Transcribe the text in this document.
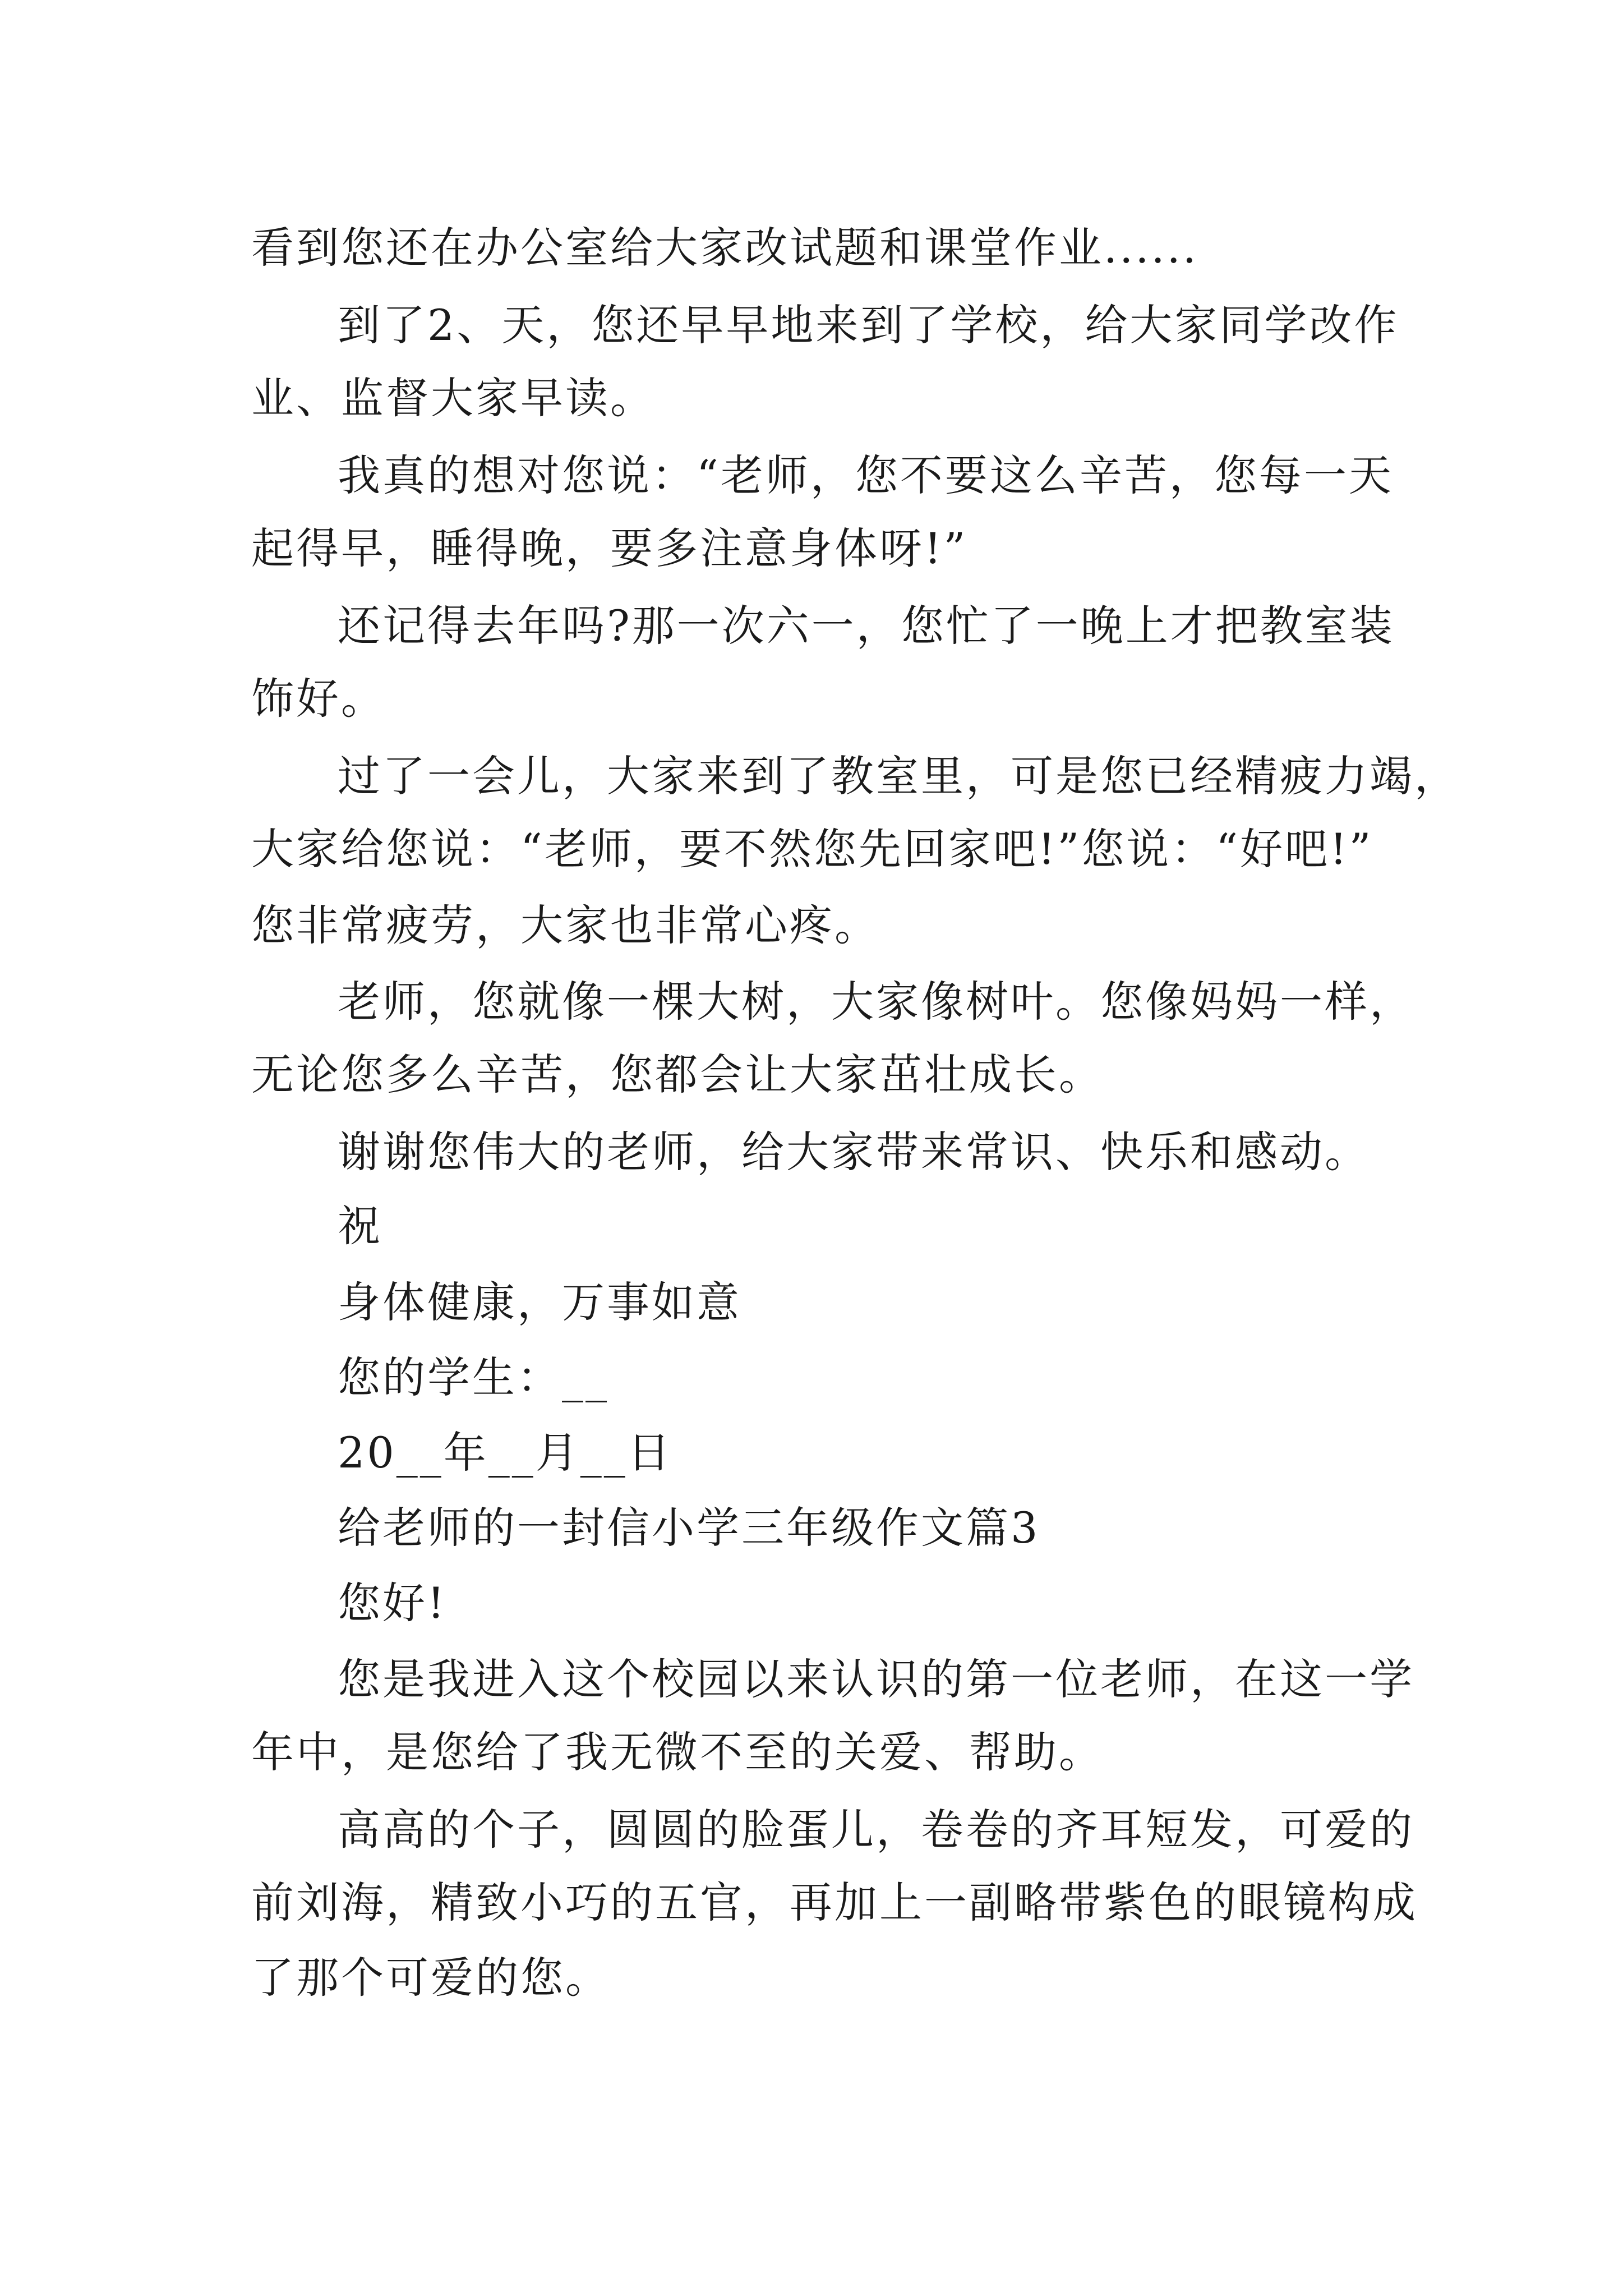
看到您还在办公室给大家改试题和课堂作业......

到了2、天，您还早早地来到了学校，给大家同学改作

业、监督大家早读。

我真的想对您说：“老师，您不要这么辛苦，您每一天

起得早，睡得晚，要多注意身体呀!”

还记得去年吗?那一次六一，您忙了一晚上才把教室装

饰好。

过了一会儿，大家来到了教室里，可是您已经精疲力竭，

大家给您说：“老师，要不然您先回家吧!”您说：“好吧!”

您非常疲劳，大家也非常心疼。

老师，您就像一棵大树，大家像树叶。您像妈妈一样，

无论您多么辛苦，您都会让大家茁壮成长。

谢谢您伟大的老师，给大家带来常识、快乐和感动。

祝

身体健康，万事如意

您的学生：__

20__年__月__日

给老师的一封信小学三年级作文篇3

您好!

您是我进入这个校园以来认识的第一位老师，在这一学

年中，是您给了我无微不至的关爱、帮助。

高高的个子，圆圆的脸蛋儿，卷卷的齐耳短发，可爱的

前刘海，精致小巧的五官，再加上一副略带紫色的眼镜构成

了那个可爱的您。
